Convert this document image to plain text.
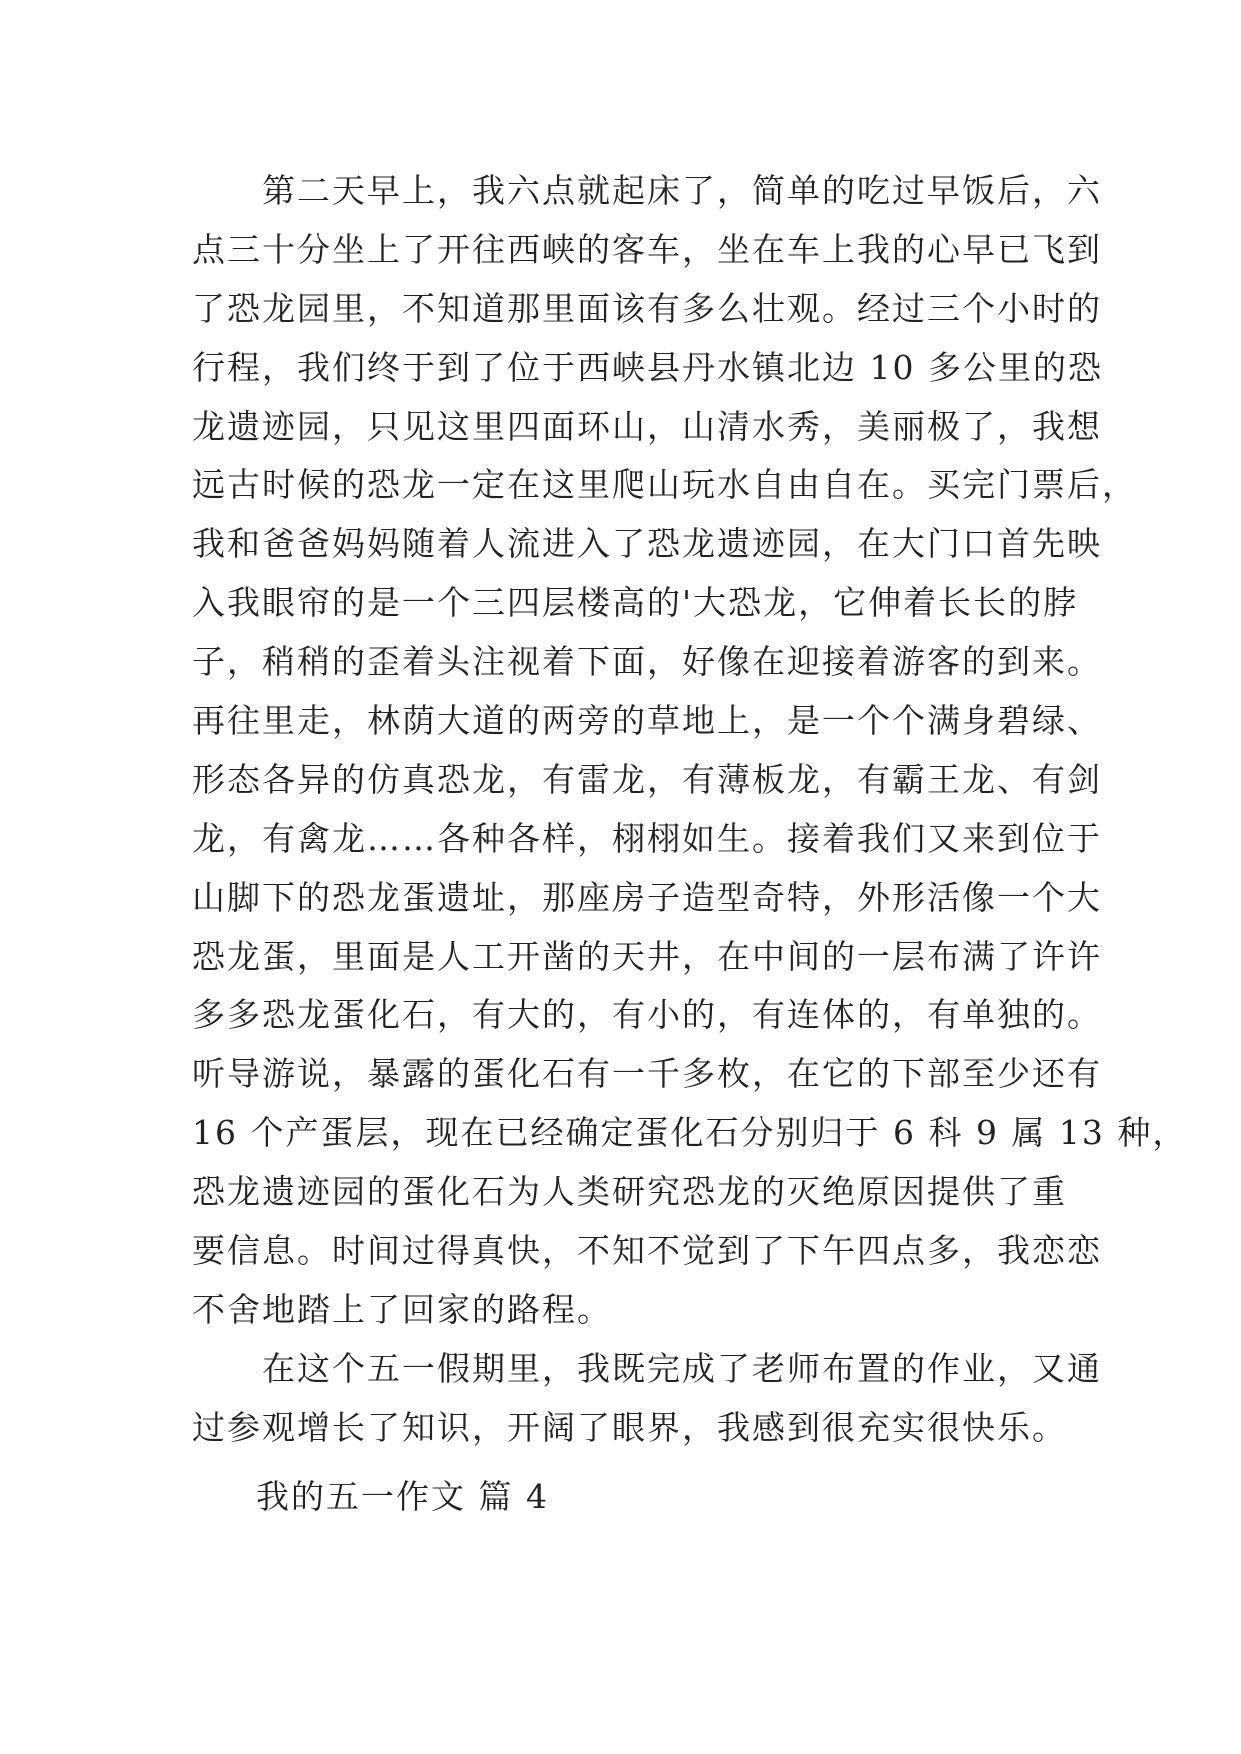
　　第二天早上，我六点就起床了，简单的吃过早饭后，六
点三十分坐上了开往西峡的客车，坐在车上我的心早已飞到
了恐龙园里，不知道那里面该有多么壮观。经过三个小时的
行程，我们终于到了位于西峡县丹水镇北边 10 多公里的恐
龙遗迹园，只见这里四面环山，山清水秀，美丽极了，我想
远古时候的恐龙一定在这里爬山玩水自由自在。买完门票后，
我和爸爸妈妈随着人流进入了恐龙遗迹园，在大门口首先映
入我眼帘的是一个三四层楼高的'大恐龙，它伸着长长的脖
子，稍稍的歪着头注视着下面，好像在迎接着游客的到来。
再往里走，林荫大道的两旁的草地上，是一个个满身碧绿、
形态各异的仿真恐龙，有雷龙，有薄板龙，有霸王龙、有剑
龙，有禽龙……各种各样，栩栩如生。接着我们又来到位于
山脚下的恐龙蛋遗址，那座房子造型奇特，外形活像一个大
恐龙蛋，里面是人工开凿的天井，在中间的一层布满了许许
多多恐龙蛋化石，有大的，有小的，有连体的，有单独的。
听导游说，暴露的蛋化石有一千多枚，在它的下部至少还有
16 个产蛋层，现在已经确定蛋化石分别归于 6 科 9 属 13 种，
恐龙遗迹园的蛋化石为人类研究恐龙的灭绝原因提供了重
要信息。时间过得真快，不知不觉到了下午四点多，我恋恋
不舍地踏上了回家的路程。

　　在这个五一假期里，我既完成了老师布置的作业，又通
过参观增长了知识，开阔了眼界，我感到很充实很快乐。

我的五一作文 篇 4
